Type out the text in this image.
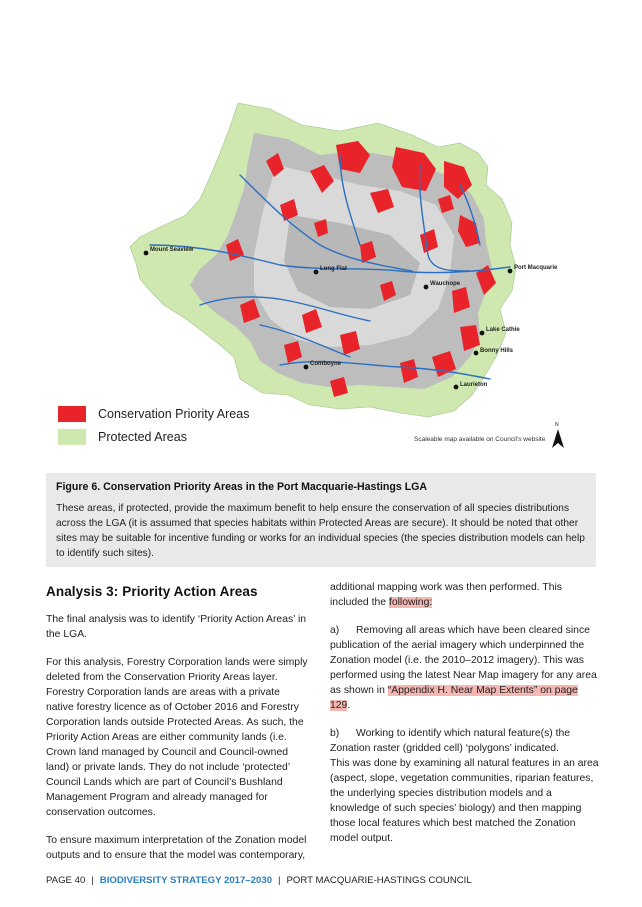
Mount Seaview
Long Flat
Wauchope
Port Macquarie
Lake Cathie
Bonny Hills
Comboyne
Laurieton
Conservation Priority Areas
Protected Areas	Scaleable map available on Council's website
N
Figure 6. Conservation Priority Areas in the Port Macquarie-Hastings LGA
These areas, if protected, provide the maximum benefit to help ensure the conservation of all species distributions across the LGA (it is assumed that species habitats within Protected Areas are secure). It should be noted that other sites may be suitable for incentive funding or works for an individual species (the species distribution models can help to identify such sites).
Analysis 3: Priority Action Areas

The final analysis was to identify ‘Priority Action Areas’ in the LGA.

For this analysis, Forestry Corporation lands were simply deleted from the Conservation Priority Areas layer. Forestry Corporation lands are areas with a private native forestry licence as of October 2016 and Forestry Corporation lands outside Protected Areas. As such, the Priority Action Areas are either community lands (i.e. Crown land managed by Council and Council-owned land) or private lands. They do not include ‘protected’ Council Lands which are part of Council’s Bushland Management Program and already managed for conservation outcomes.

To ensure maximum interpretation of the Zonation model outputs and to ensure that the model was contemporary,

additional mapping work was then performed. This included the following:

a) Removing all areas which have been cleared since publication of the aerial imagery which underpinned the Zonation model (i.e. the 2010–2012 imagery). This was performed using the latest Near Map imagery for any area as shown in “Appendix H. Near Map Extents” on page 129.

b) Working to identify which natural feature(s) the Zonation raster (gridded cell) ‘polygons’ indicated.
This was done by examining all natural features in an area (aspect, slope, vegetation communities, riparian features, the underlying species distribution models and a knowledge of such species’ biology) and then mapping those local features which best matched the Zonation model output.

PAGE 40 | BIODIVERSITY STRATEGY 2017–2030 | PORT MACQUARIE-HASTINGS COUNCIL
